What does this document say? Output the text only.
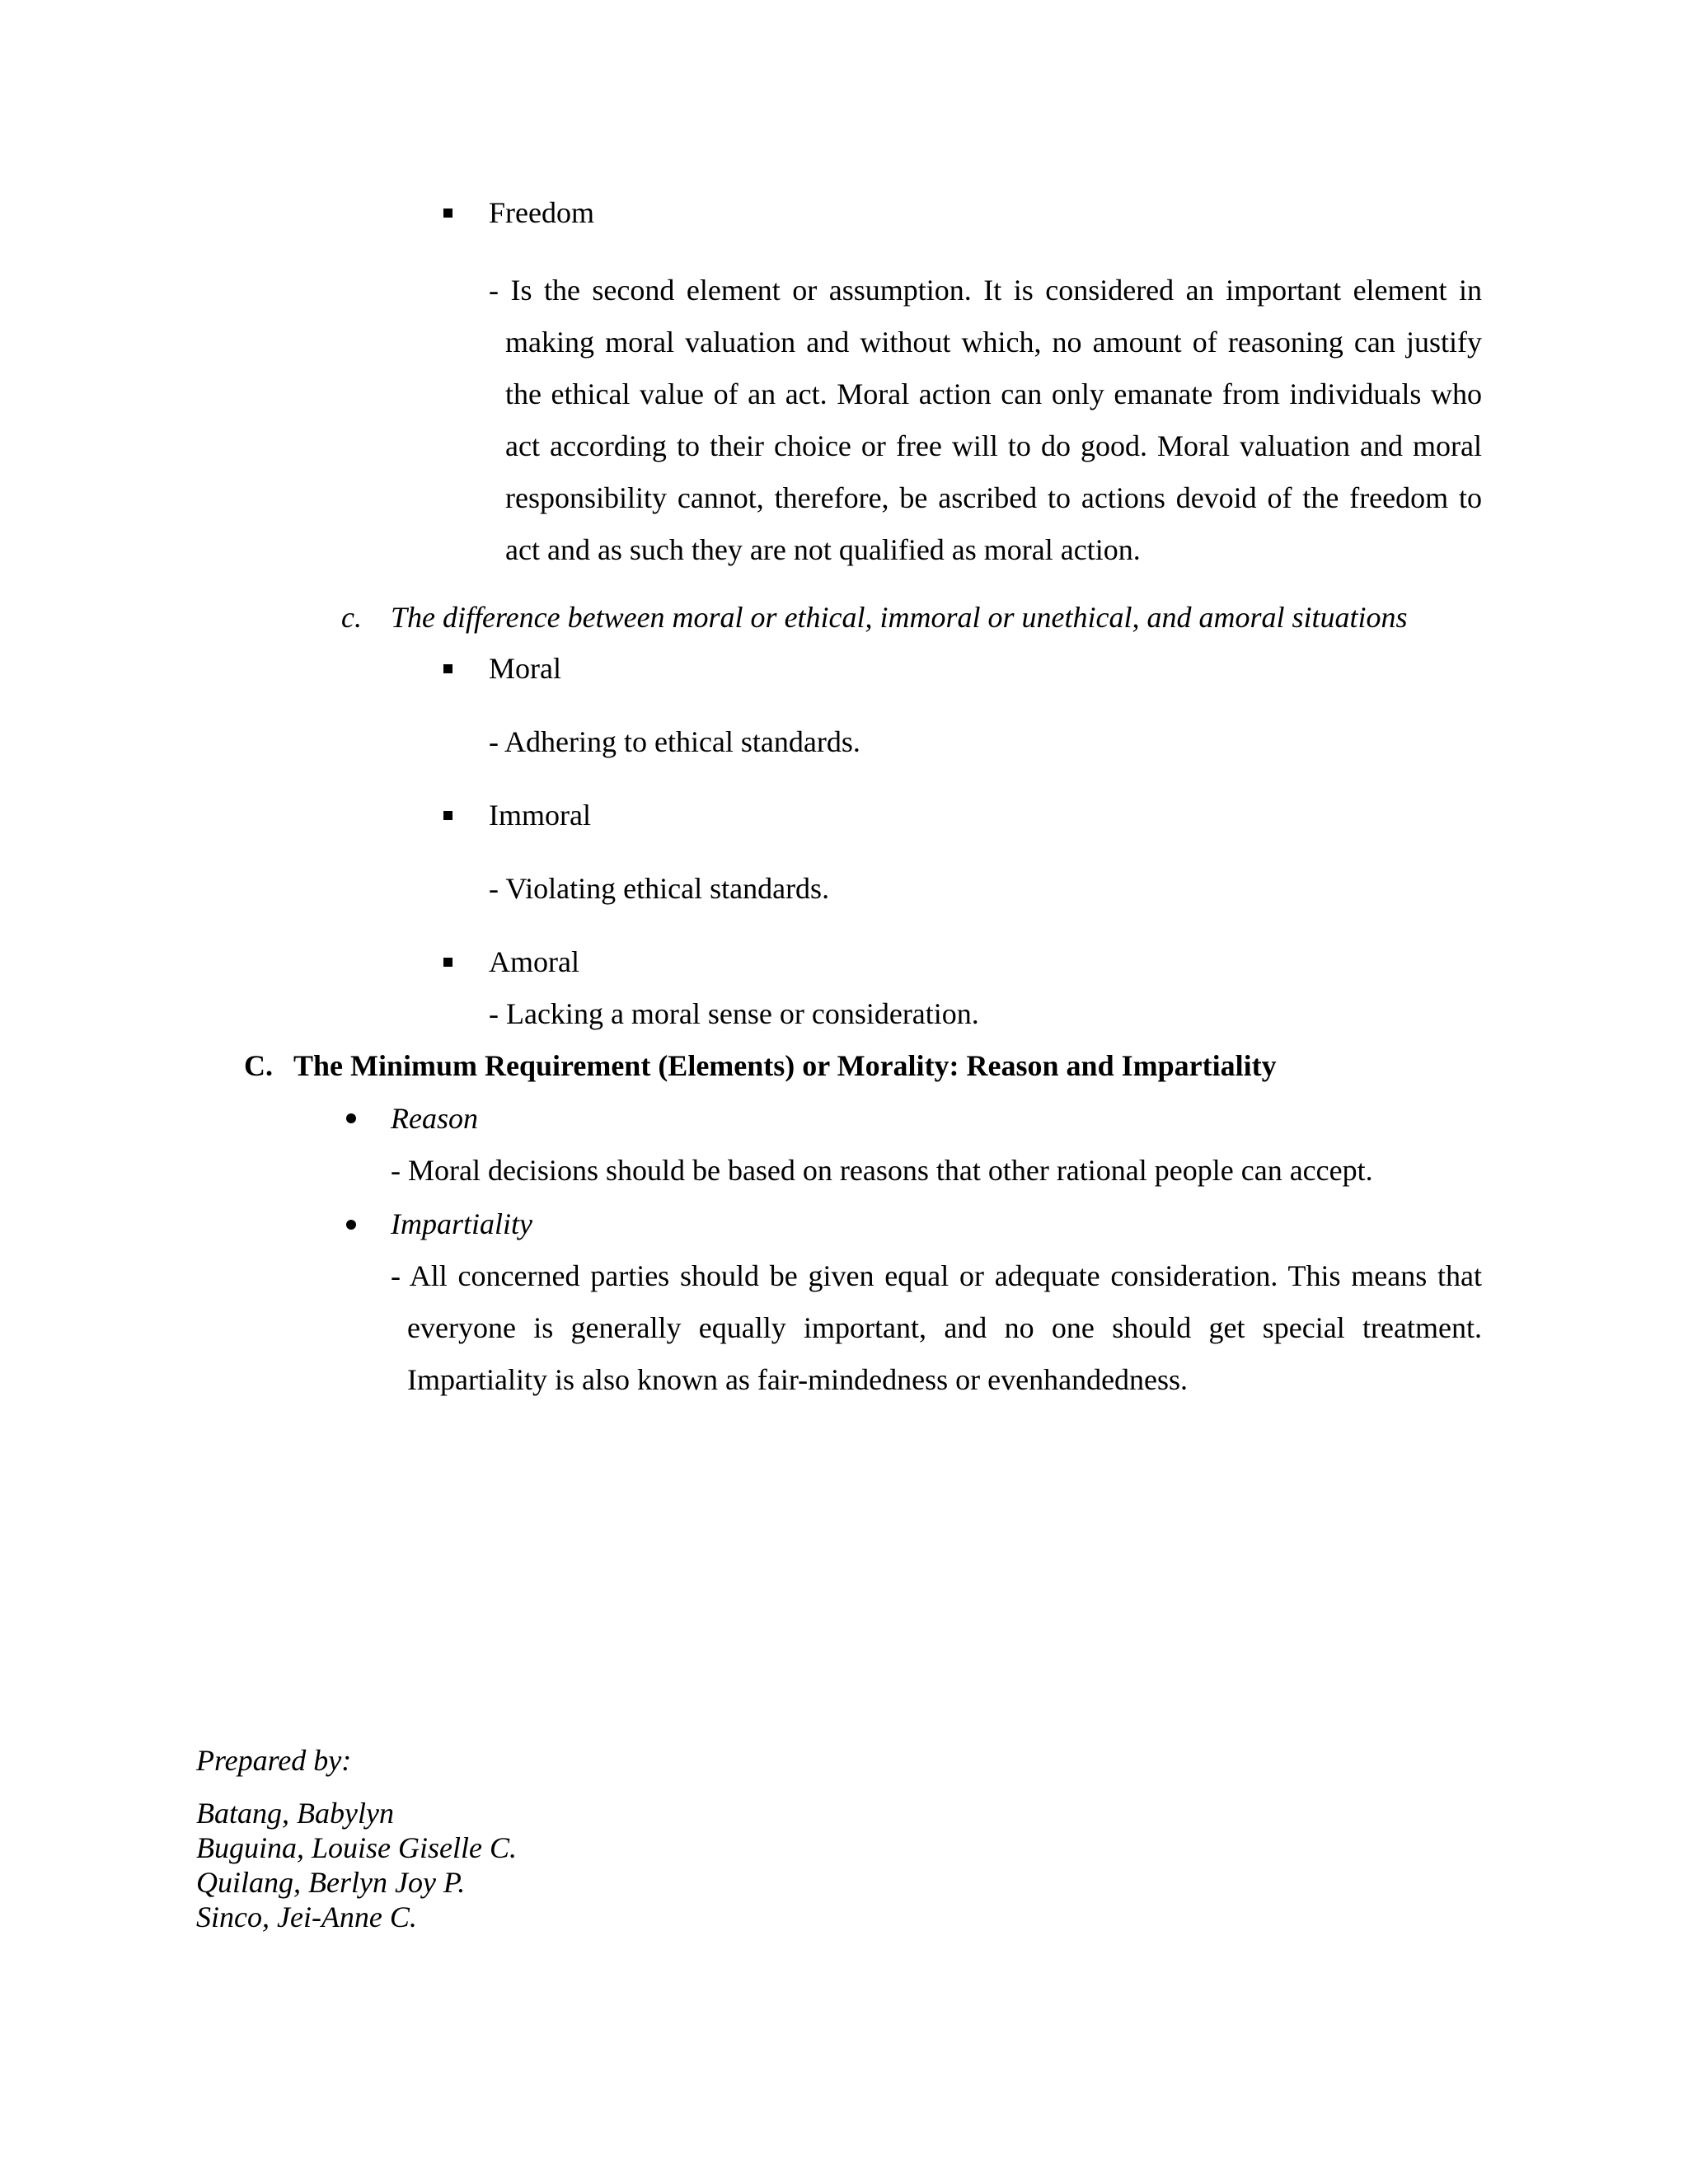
Freedom
- Is the second element or assumption. It is considered an important element in making moral valuation and without which, no amount of reasoning can justify the ethical value of an act. Moral action can only emanate from individuals who act according to their choice or free will to do good. Moral valuation and moral responsibility cannot, therefore, be ascribed to actions devoid of the freedom to act and as such they are not qualified as moral action.
c. The difference between moral or ethical, immoral or unethical, and amoral situations
Moral
- Adhering to ethical standards.
Immoral
- Violating ethical standards.
Amoral
- Lacking a moral sense or consideration.
C. The Minimum Requirement (Elements) or Morality: Reason and Impartiality
Reason
- Moral decisions should be based on reasons that other rational people can accept.
Impartiality
- All concerned parties should be given equal or adequate consideration. This means that everyone is generally equally important, and no one should get special treatment. Impartiality is also known as fair-mindedness or evenhandedness.
Prepared by:
Batang, Babylyn
Buguina, Louise Giselle C.
Quilang, Berlyn Joy P.
Sinco, Jei-Anne C.
